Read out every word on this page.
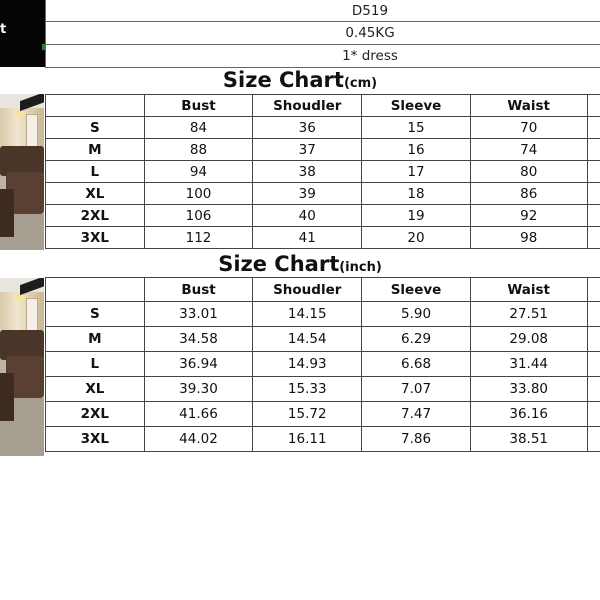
t
D519
0.45KG
1* dress
Size Chart(cm)
	Bust	Shoudler	Sleeve	Waist	
S	84	36	15	70	
M	88	37	16	74	
L	94	38	17	80	
XL	100	39	18	86	
2XL	106	40	19	92	
3XL	112	41	20	98	
Size Chart(inch)
	Bust	Shoudler	Sleeve	Waist	
S	33.01	14.15	5.90	27.51	
M	34.58	14.54	6.29	29.08	
L	36.94	14.93	6.68	31.44	
XL	39.30	15.33	7.07	33.80	
2XL	41.66	15.72	7.47	36.16	
3XL	44.02	16.11	7.86	38.51	
